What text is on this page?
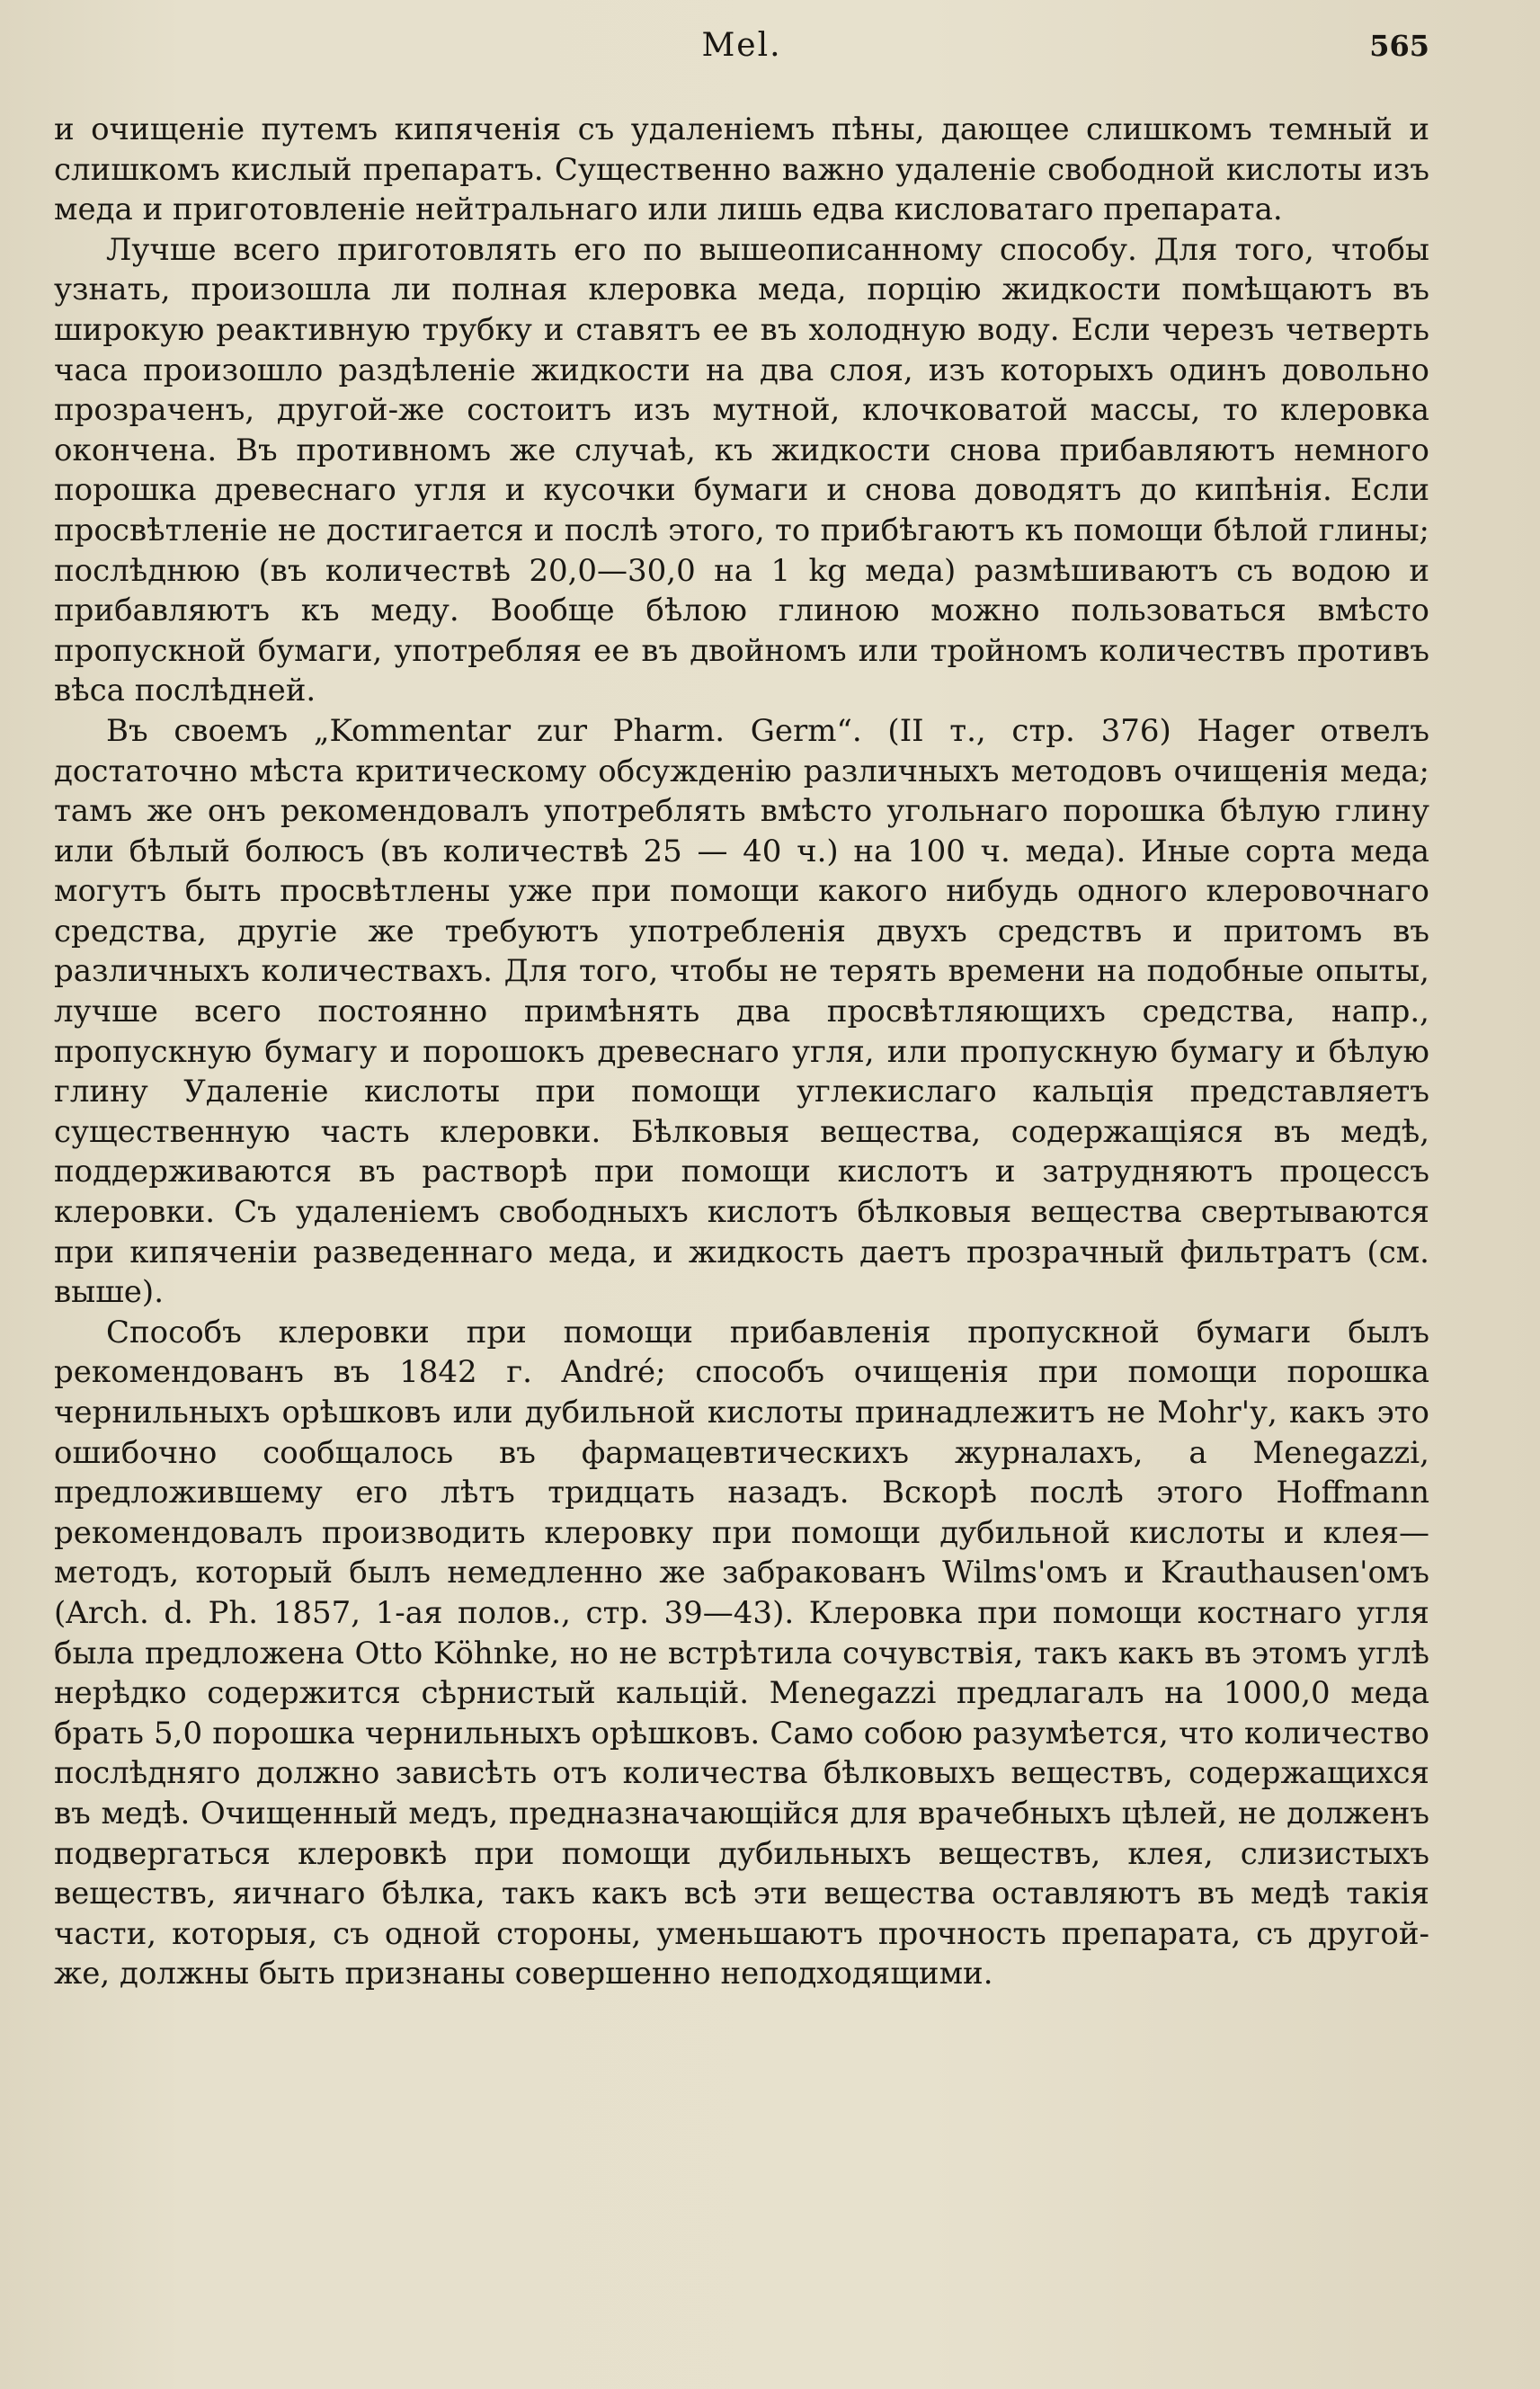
Mel.	565

и очищеніе путемъ кипяченія съ удаленіемъ пѣны, дающее слишкомъ темный и слишкомъ кислый препаратъ. Существенно важно удаленіе свободной кислоты изъ меда и приготовленіе нейтральнаго или лишь едва кисловатаго препарата.

Лучше всего приготовлять его по вышеописанному способу. Для того, чтобы узнать, произошла ли полная клеровка меда, порцію жидкости помѣщаютъ въ широкую реактивную трубку и ставятъ ее въ холодную воду. Если черезъ четверть часа произошло раздѣленіе жидкости на два слоя, изъ которыхъ одинъ довольно прозраченъ, другой-же состоитъ изъ мутной, клочковатой массы, то клеровка окончена. Въ противномъ же случаѣ, къ жидкости снова прибавляютъ немного порошка древеснаго угля и кусочки бумаги и снова доводятъ до кипѣнія. Если просвѣтленіе не достигается и послѣ этого, то прибѣгаютъ къ помощи бѣлой глины; послѣднюю (въ количествѣ 20,0—30,0 на 1 kg меда) размѣшиваютъ съ водою и прибавляютъ къ меду. Вообще бѣлою глиною можно пользоваться вмѣсто пропускной бумаги, употребляя ее въ двойномъ или тройномъ количествъ противъ вѣса послѣдней.

Въ своемъ „Kommentar zur Pharm. Germ“. (II т., стр. 376) Hager отвелъ достаточно мѣста критическому обсужденію различныхъ методовъ очищенія меда; тамъ же онъ рекомендовалъ употреблять вмѣсто угольнаго порошка бѣлую глину или бѣлый болюсъ (въ количествѣ 25 — 40 ч.) на 100 ч. меда). Иные сорта меда могутъ быть просвѣтлены уже при помощи какого нибудь одного клеровочнаго средства, другіе же требуютъ употребленія двухъ средствъ и притомъ въ различныхъ количествахъ. Для того, чтобы не терять времени на подобные опыты, лучше всего постоянно примѣнять два просвѣтляющихъ средства, напр., пропускную бумагу и порошокъ древеснаго угля, или пропускную бумагу и бѣлую глину Удаленіе кислоты при помощи углекислаго кальція представляетъ существенную часть клеровки. Бѣлковыя вещества, содержащіяся въ медѣ, поддерживаются въ растворѣ при помощи кислотъ и затрудняютъ процессъ клеровки. Съ удаленіемъ свободныхъ кислотъ бѣлковыя вещества свертываются при кипяченіи разведеннаго меда, и жидкость даетъ прозрачный фильтратъ (см. выше).

Способъ клеровки при помощи прибавленія пропускной бумаги былъ рекомендованъ въ 1842 г. André; способъ очищенія при помощи порошка чернильныхъ орѣшковъ или дубильной кислоты принадлежитъ не Mohr'у, какъ это ошибочно сообщалось въ фармацевтическихъ журналахъ, а Menegazzi, предложившему его лѣтъ тридцать назадъ. Вскорѣ послѣ этого Hoffmann рекомендовалъ производить клеровку при помощи дубильной кислоты и клея—методъ, который былъ немедленно же забракованъ Wilms'омъ и Krauthausen'омъ (Arch. d. Ph. 1857, 1-ая полов., стр. 39—43). Клеровка при помощи костнаго угля была предложена Otto Köhnke, но не встрѣтила сочувствія, такъ какъ въ этомъ углѣ нерѣдко содержится сѣрнистый кальцій. Menegazzi предлагалъ на 1000,0 меда брать 5,0 порошка чернильныхъ орѣшковъ. Само собою разумѣется, что количество послѣдняго должно зависѣть отъ количества бѣлковыхъ веществъ, содержащихся въ медѣ. Очищенный медъ, предназначающійся для врачебныхъ цѣлей, не долженъ подвергаться клеровкѣ при помощи дубильныхъ веществъ, клея, слизистыхъ веществъ, яичнаго бѣлка, такъ какъ всѣ эти вещества оставляютъ въ медѣ такія части, которыя, съ одной стороны, уменьшаютъ прочность препарата, съ другой-же, должны быть признаны совершенно неподходящими.
